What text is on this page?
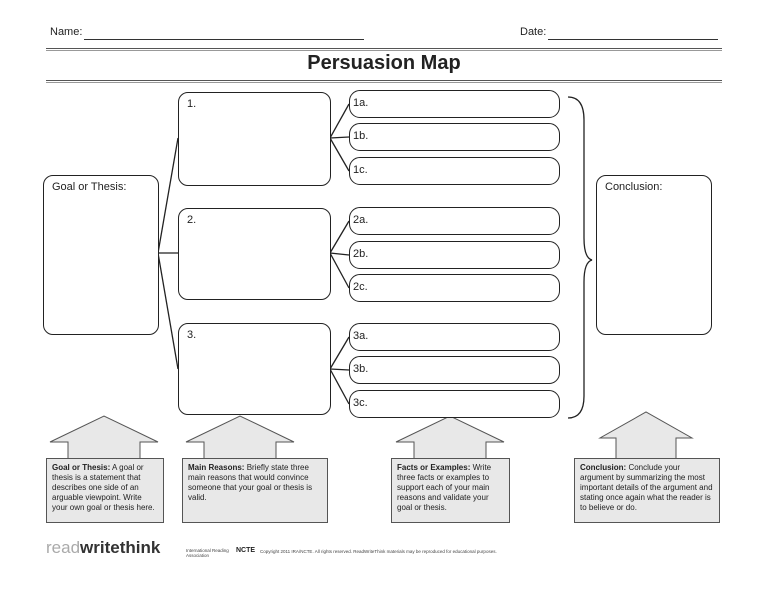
Name:	Date:
Persuasion Map
Goal or Thesis:
1.
2.
3.
1a.
1b.
1c.
2a.
2b.
2c.
3a.
3b.
3c.
Conclusion:
Goal or Thesis: A goal or thesis is a statement that describes one side of an arguable viewpoint. Write your own goal or thesis here.
Main Reasons: Briefly state three main reasons that would convince someone that your goal or thesis is valid.
Facts or Examples: Write three facts or examples to support each of your main reasons and validate your goal or thesis.
Conclusion: Conclude your argument by summarizing the most important details of the argument and stating once again what the reader is to believe or do.
readwritethink	International Reading Association
NCTE Copyright 2011 IRA/NCTE. All rights reserved. ReadWriteThink materials may be reproduced for educational purposes.
